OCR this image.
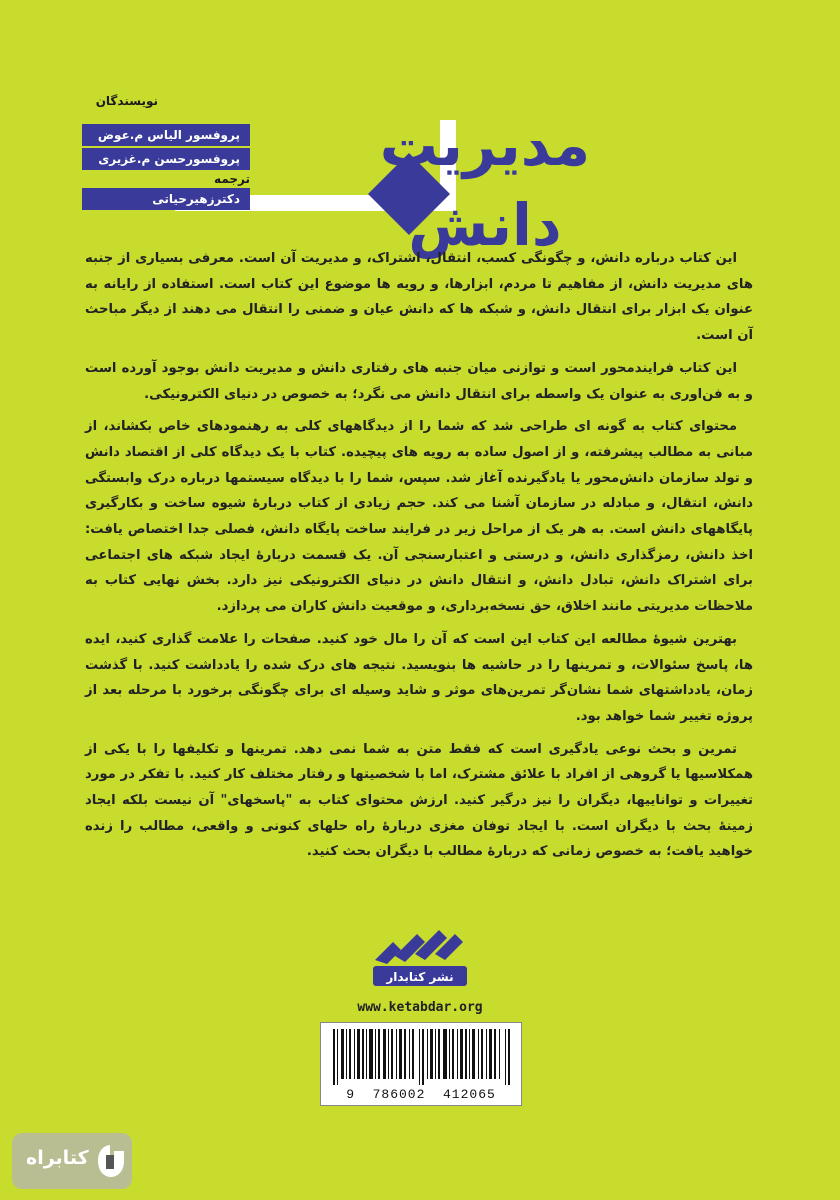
مدیریت دانش
نویسندگان
پروفسور الیاس م.عوض
پروفسورحسن م.غزیری
ترجمه
دکترزهیرحیاتی

این کتاب درباره دانش، و چگونگی کسب، انتقال، اشتراک، و مدیریت آن است. معرفی بسیاری از جنبه های مدیریت دانش، از مفاهیم تا مردم، ابزارها، و رویه ها موضوع این کتاب است. استفاده از رایانه به عنوان یک ابزار برای انتقال دانش، و شبکه ها که دانش عیان و ضمنی را انتقال می دهند از دیگر مباحث آن است.

این کتاب فرایندمحور است و توازنی میان جنبه های رفتاری دانش و مدیریت دانش بوجود آورده است و به فن‌اوری به عنوان یک واسطه برای انتقال دانش می نگرد؛ به خصوص در دنیای الکترونیکی.

محتوای کتاب به گونه ای طراحی شد که شما را از دیدگاههای کلی به رهنمودهای خاص بکشاند، از مبانی به مطالب پیشرفته، و از اصول ساده به رویه های پیچیده. کتاب با یک دیدگاه کلی از اقتصاد دانش و تولد سازمان دانش‌محور یا یادگیرنده آغاز شد. سپس، شما را با دیدگاه سیستمها درباره درک وابستگی دانش، انتقال، و مبادله در سازمان آشنا می کند. حجم زیادی از کتاب دربارهٔ شیوه ساخت و بکارگیری پایگاههای دانش است. به هر یک از مراحل زیر در فرایند ساخت پایگاه دانش، فصلی جدا اختصاص یافت: اخذ دانش، رمزگذاری دانش، و درستی و اعتبارسنجی آن. یک قسمت دربارهٔ ایجاد شبکه های اجتماعی برای اشتراک دانش، تبادل دانش، و انتقال دانش در دنیای الکترونیکی نیز دارد. بخش نهایی کتاب به ملاحظات مدیریتی مانند اخلاق، حق نسخه‌برداری، و موقعیت دانش کاران می پردازد.

بهترین شیوهٔ مطالعه این کتاب این است که آن را مال خود کنید. صفحات را علامت گذاری کنید، ایده ها، پاسخ سئوالات، و تمرینها را در حاشیه ها بنویسید. نتیجه های درک شده را یادداشت کنید. با گذشت زمان، یادداشتهای شما نشان‌گر تمرین‌های موثر و شاید وسیله ای برای چگونگی برخورد با مرحله بعد از پروژه تغییر شما خواهد بود.

تمرین و بحث نوعی یادگیری است که فقط متن به شما نمی دهد. تمرینها و تکلیفها را با یکی از همکلاسیها یا گروهی از افراد با علائق مشترک، اما با شخصیتها و رفتار مختلف کار کنید. با تفکر در مورد تغییرات و تواناییها، دیگران را نیز درگیر کنید. ارزش محتوای کتاب به "پاسخهای" آن نیست بلکه ایجاد زمینهٔ بحث با دیگران است. با ایجاد توفان مغزی دربارهٔ راه حلهای کنونی و واقعی، مطالب را زنده خواهید یافت؛ به خصوص زمانی که دربارهٔ مطالب با دیگران بحث کنید.

نشر کتابدار
www.ketabdar.org
9  786002  412065
کتابراه
